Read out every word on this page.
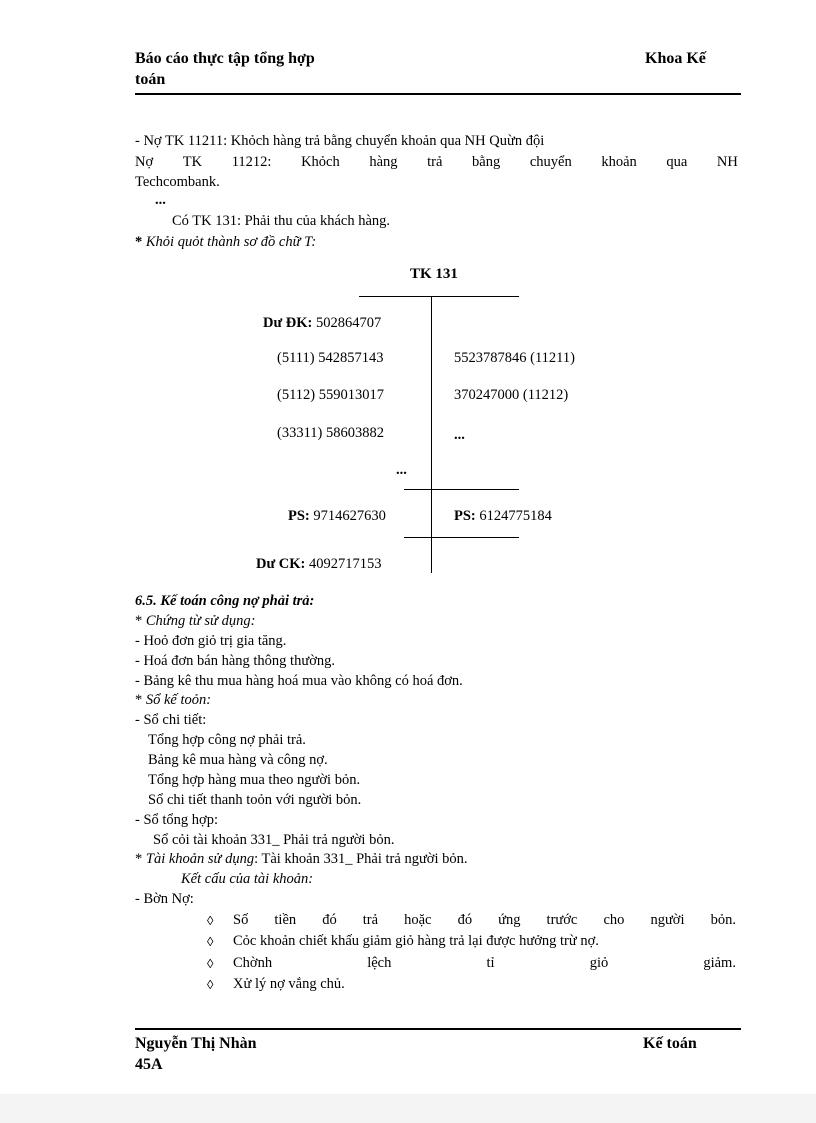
Báo cáo thực tập tổng hợp
toán
Khoa Kế
- Nợ TK 11211: Khỏch hàng trả bằng chuyển khoản qua NH Quừn đội
Nợ TK 11212: Khỏch hàng trả bằng chuyển khoản qua NH
Techcombank.
...
Có TK 131: Phải thu của khách hàng.
* Khỏi quỏt thành sơ đồ chữ T:
TK 131
Dư ĐK: 502864707
(5111) 542857143	5523787846 (11211)
(5112) 559013017	370247000 (11212)
(33311) 58603882	...
...
PS: 9714627630	PS: 6124775184
Dư CK: 4092717153
6.5. Kế toán công nợ phải trả:
* Chứng từ sử dụng:
- Hoỏ đơn giỏ trị gia tăng.
- Hoá đơn bán hàng thông thường.
- Bảng kê thu mua hàng hoá mua vào không có hoá đơn.
* Sổ kế toỏn:
- Sổ chi tiết:
Tổng hợp công nợ phải trả.
Bảng kê mua hàng và công nợ.
Tổng hợp hàng mua theo người bỏn.
Sổ chi tiết thanh toỏn với người bỏn.
- Sổ tổng hợp:
Sổ cỏi tài khoản 331_ Phải trả người bỏn.
* Tài khoản sử dụng: Tài khoản 331_ Phải trả người bỏn.
Kết cấu của tài khoản:
- Bờn Nợ:
◊ Số tiền đó trả hoặc đó ứng trước cho người bỏn.
◊ Cỏc khoản chiết khấu giảm giỏ hàng trả lại được hưởng trừ nợ.
◊ Chờnh	lệch	tỉ	giỏ	giảm.
◊ Xử lý nợ vắng chủ.
Nguyễn Thị Nhàn
45A
Kế toán
